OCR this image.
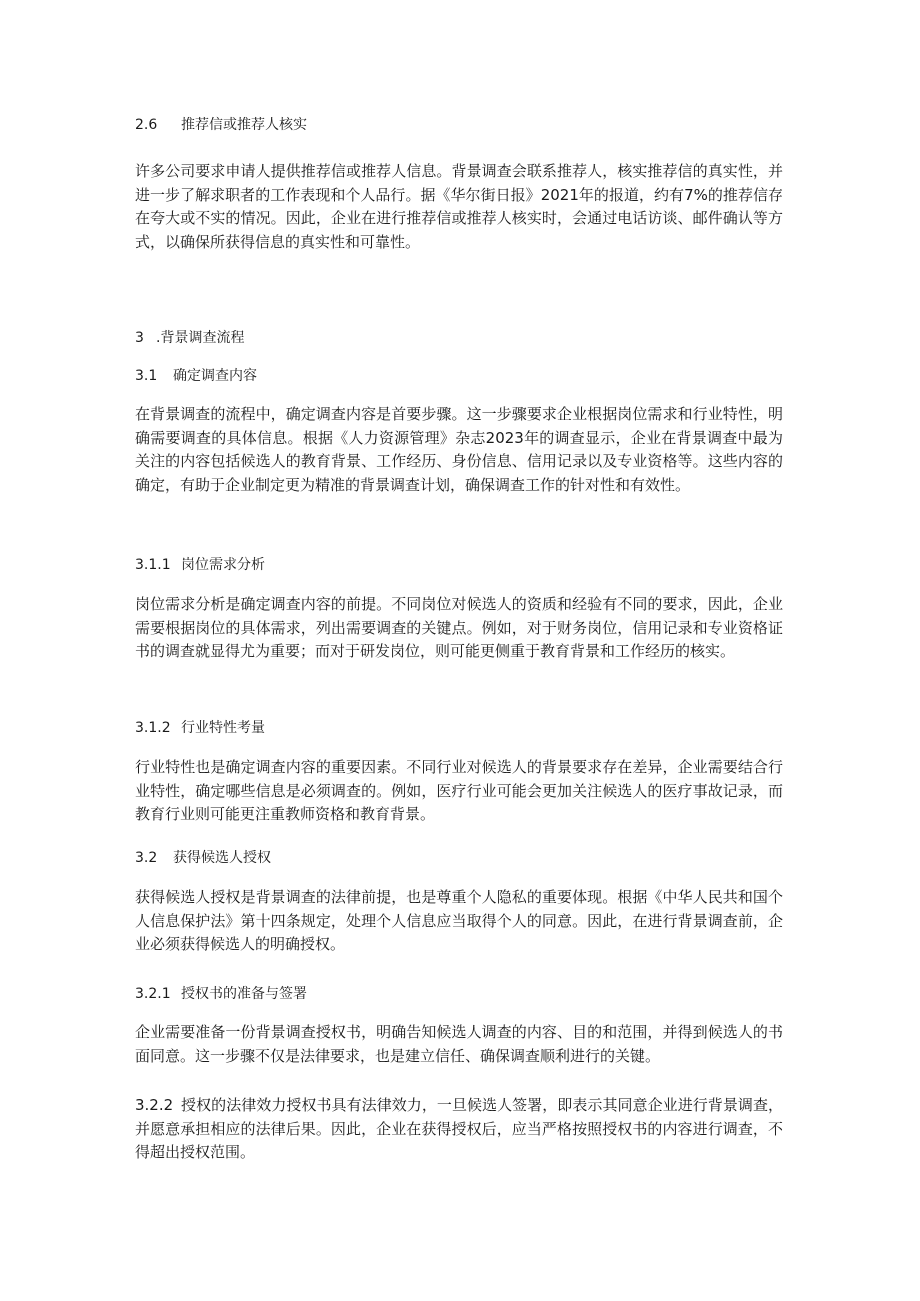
2.6 推荐信或推荐人核实
许多公司要求申请人提供推荐信或推荐人信息。背景调查会联系推荐人，核实推荐信的真实性，并进一步了解求职者的工作表现和个人品行。据《华尔街日报》2021年的报道，约有7%的推荐信存在夸大或不实的情况。因此，企业在进行推荐信或推荐人核实时，会通过电话访谈、邮件确认等方式，以确保所获得信息的真实性和可靠性。
3 .背景调查流程
3.1 确定调查内容
在背景调查的流程中，确定调查内容是首要步骤。这一步骤要求企业根据岗位需求和行业特性，明确需要调查的具体信息。根据《人力资源管理》杂志2023年的调查显示，企业在背景调查中最为关注的内容包括候选人的教育背景、工作经历、身份信息、信用记录以及专业资格等。这些内容的确定，有助于企业制定更为精准的背景调查计划，确保调查工作的针对性和有效性。
3.1.1 岗位需求分析
岗位需求分析是确定调查内容的前提。不同岗位对候选人的资质和经验有不同的要求，因此，企业需要根据岗位的具体需求，列出需要调查的关键点。例如，对于财务岗位，信用记录和专业资格证书的调查就显得尤为重要；而对于研发岗位，则可能更侧重于教育背景和工作经历的核实。
3.1.2 行业特性考量
行业特性也是确定调查内容的重要因素。不同行业对候选人的背景要求存在差异，企业需要结合行业特性，确定哪些信息是必须调查的。例如，医疗行业可能会更加关注候选人的医疗事故记录，而教育行业则可能更注重教师资格和教育背景。
3.2 获得候选人授权
获得候选人授权是背景调查的法律前提，也是尊重个人隐私的重要体现。根据《中华人民共和国个人信息保护法》第十四条规定，处理个人信息应当取得个人的同意。因此，在进行背景调查前，企业必须获得候选人的明确授权。
3.2.1 授权书的准备与签署
企业需要准备一份背景调查授权书，明确告知候选人调查的内容、目的和范围，并得到候选人的书面同意。这一步骤不仅是法律要求，也是建立信任、确保调查顺利进行的关键。
3.2.2 授权的法律效力授权书具有法律效力，一旦候选人签署，即表示其同意企业进行背景调查，并愿意承担相应的法律后果。因此，企业在获得授权后，应当严格按照授权书的内容进行调查，不得超出授权范围。
